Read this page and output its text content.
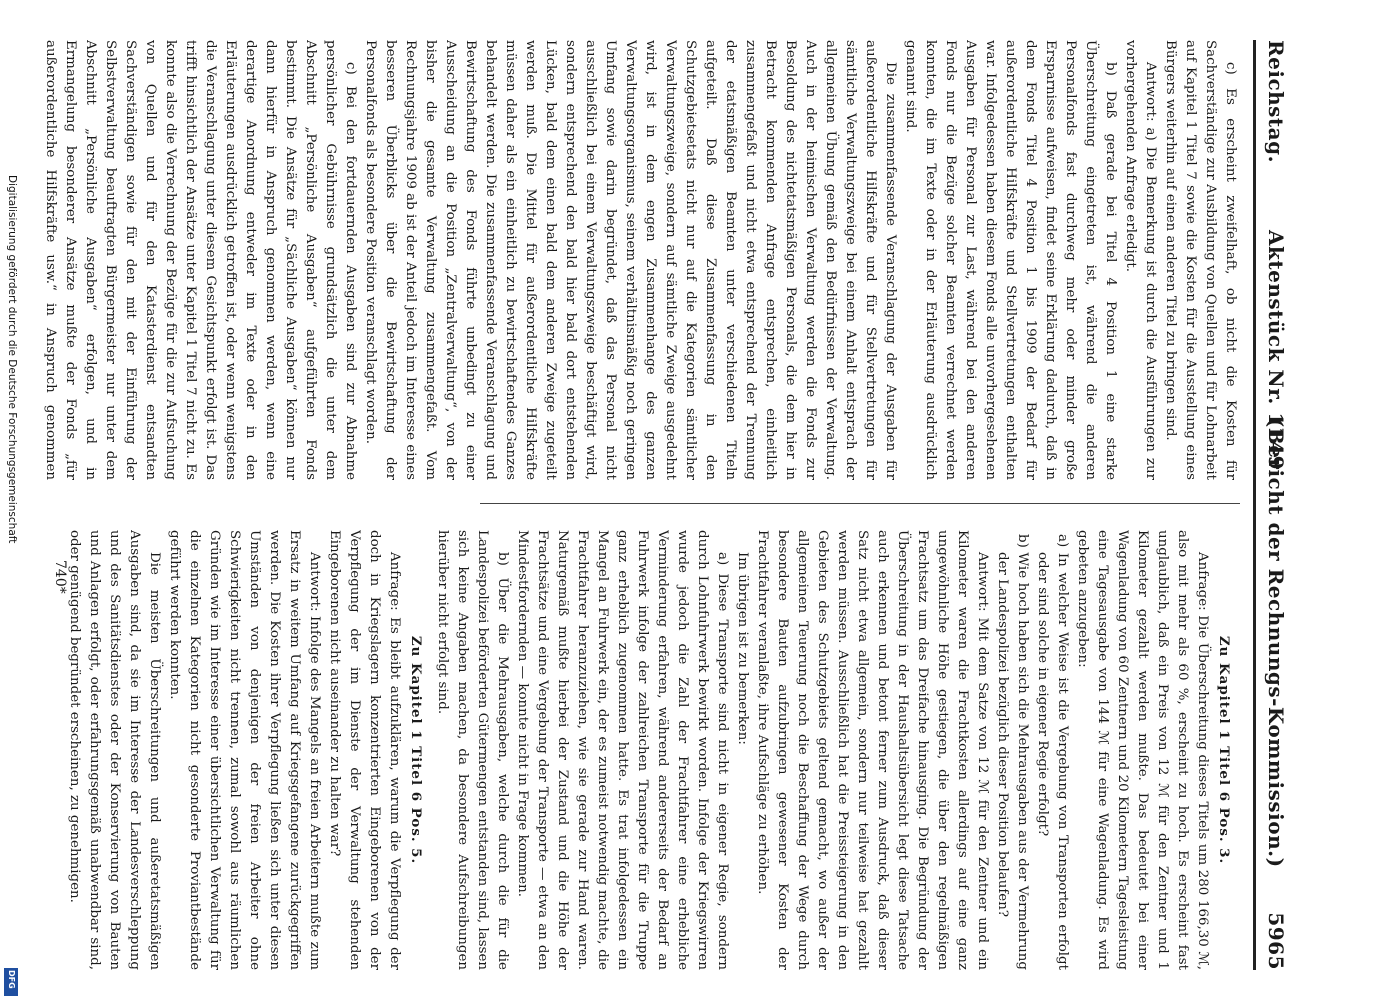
Reichstag.
Aktenstück Nr. 1149.
(Bericht der Rechnungs-Kommission.)      5965

c) Es erscheint zweifelhaft, ob nicht die Kosten für Sachverständige zur Ausbildung von Quellen und für Lohnarbeit auf Kapitel 1 Titel 7 sowie die Kosten für die Ausstellung eines Bürgers weiterhin auf einen anderen Titel zu bringen sind.

Antwort: a) Die Bemerkung ist durch die Ausführungen zur vorhergehenden Anfrage erledigt.

b) Daß gerade bei Titel 4 Position 1 eine starke Überschreitung eingetreten ist, während die anderen Personalfonds fast durchweg mehr oder minder große Ersparnisse aufweisen, findet seine Erklärung dadurch, daß in dem Fonds Titel 4 Position 1 bis 1909 der Bedarf für außerordentliche Hilfskräfte und Stellvertretungen enthalten war. Infolgedessen haben diesem Fonds alle unvorhergesehenen Ausgaben für Personal zur Last, während bei den anderen Fonds nur die Bezüge solcher Beamten verrechnet werden konnten, die im Texte oder in der Erläuterung ausdrücklich genannt sind.

Die zusammenfassende Veranschlagung der Ausgaben für außerordentliche Hilfskräfte und für Stellvertretungen für sämtliche Verwaltungszweige bei einem Anhalt entsprach der allgemeinen Übung gemäß den Bedürfnissen der Verwaltung. Auch in der heimischen Verwaltung werden die Fonds zur Besoldung des nichtetatsmäßigen Personals, die dem hier in Betracht kommenden Anfrage entsprechen, einheitlich zusammengefaßt und nicht etwa entsprechend der Trennung der etatsmäßigen Beamten unter verschiedenen Titeln aufgeteilt. Daß diese Zusammenfassung in den Schutzgebietsetats nicht nur auf die Kategorien sämtlicher Verwaltungszweige, sondern auf sämtliche Zweige ausgedehnt wird, ist in dem engen Zusammenhange des ganzen Verwaltungsorganismus, seinem verhältnismäßig noch geringen Umfang sowie darin begründet, daß das Personal nicht ausschließlich bei einem Verwaltungszweige beschäftigt wird, sondern entsprechend den bald hier bald dort entstehenden Lücken, bald dem einen bald dem anderen Zweige zugeteilt werden muß. Die Mittel für außerordentliche Hilfskräfte müssen daher als ein einheitlich zu bewirtschaftendes Ganzes behandelt werden. Die zusammenfassende Veranschlagung und Bewirtschaftung des Fonds führte unbedingt zu einer Ausscheidung an die Position „Zentralverwaltung“, von der bisher die gesamte Verwaltung zusammengefaßt. Vom Rechnungsjahre 1909 ab ist der Anteil jedoch im Interesse eines besseren Überblicks über die Bewirtschaftung der Personalfonds als besondere Position veranschlagt worden.

c) Bei den fortdauernden Ausgaben sind zur Abnahme persönlicher Gebührnisse grundsätzlich die unter dem Abschnitt „Persönliche Ausgaben“ aufgeführten Fonds bestimmt. Die Ansätze für „Sächliche Ausgaben“ können nur dann hierfür in Anspruch genommen werden, wenn eine derartige Anordnung entweder im Texte oder in den Erläuterungen ausdrücklich getroffen ist, oder wenn wenigstens die Veranschlagung unter diesem Gesichtspunkt erfolgt ist. Das trifft hinsichtlich der Ansätze unter Kapitel 1 Titel 7 nicht zu. Es konnte also die Verrechnung der Bezüge für die zur Aufsuchung von Quellen und für den Katasterdienst entsandten Sachverständigen sowie für den mit der Einführung der Selbstverwaltung beauftragten Bürgermeister nur unter dem Abschnitt „Persönliche Ausgaben“ erfolgen, und in Ermangelung besonderer Ansätze mußte der Fonds „für außerordentliche Hilfskräfte usw.“ in Anspruch genommen

Zu Kapitel 1 Titel 6 Pos. 3.

Anfrage: Die Überschreitung dieses Titels um 280 166,30 ℳ, also mit mehr als 60 %, erscheint zu hoch. Es erscheint fast unglaublich, daß ein Preis von 12 ℳ für den Zentner und 1 Kilometer gezahlt werden mußte. Das bedeutet bei einer Wagenladung von 60 Zentnern und 20 Kilometern Tagesleistung eine Tagesausgabe von 144 ℳ für eine Wagenladung. Es wird gebeten anzugeben:

a) In welcher Weise ist die Vergebung von Transporten erfolgt oder sind solche in eigener Regie erfolgt?

b) Wie hoch haben sich die Mehrausgaben aus der Vermehrung der Landespolizei bezüglich dieser Position belaufen?

Antwort: Mit dem Satze von 12 ℳ für den Zentner und ein Kilometer waren die Frachtkosten allerdings auf eine ganz ungewöhnliche Höhe gestiegen, die über den regelmäßigen Frachtsatz um das Dreifache hinausging. Die Begründung der Überschreitung in der Haushaltsübersicht legt diese Tatsache auch erkennen und betont ferner zum Ausdruck, daß dieser Satz nicht etwa allgemein, sondern nur teilweise hat gezahlt werden müssen. Ausschließlich hat die Preissteigerung in den Gebieten des Schutzgebiets geltend gemacht, wo außer der allgemeinen Teuerung noch die Beschaffung der Wege durch besondere Bauten aufzubringen gewesener Kosten der Frachtfahrer veranlaßte, ihre Aufschläge zu erhöhen.

Im übrigen ist zu bemerken:

a) Diese Transporte sind nicht in eigener Regie, sondern durch Lohnfuhrwerk bewirkt worden. Infolge der Kriegswirren wurde jedoch die Zahl der Frachtfahrer eine erhebliche Verminderung erfahren, während andererseits der Bedarf an Fuhrwerk infolge der zahlreichen Transporte für die Truppe ganz erheblich zugenommen hatte. Es trat infolgedessen ein Mangel an Fuhrwerk ein, der es zumeist notwendig machte, die Frachtfahrer heranzuziehen, wie sie gerade zur Hand waren. Naturgemäß mußte hierbei der Zustand und die Höhe der Frachtsätze und eine Vergebung der Transporte — etwa an den Mindestfordernden — konnte nicht in Frage kommen.

b) Über die Mehrausgaben, welche durch die für die Landespolizei beförderten Gütermengen entstanden sind, lassen sich keine Angaben machen, da besondere Aufschreibungen hierüber nicht erfolgt sind.

Zu Kapitel 1 Titel 6 Pos. 5.

Anfrage: Es bleibt aufzuklären, warum die Verpflegung der doch in Kriegslagern konzentrierten Eingeborenen von der Verpflegung der im Dienste der Verwaltung stehenden Eingeborenen nicht auseinander zu halten war?

Antwort: Infolge des Mangels an freien Arbeitern mußte zum Ersatz in weitem Umfang auf Kriegsgefangene zurückgegriffen werden. Die Kosten ihrer Verpflegung ließen sich unter diesen Umständen von denjenigen der freien Arbeiter ohne Schwierigkeiten nicht trennen, zumal sowohl aus räumlichen Gründen wie im Interesse einer übersichtlichen Verwaltung für die einzelnen Kategorien nicht gesonderte Proviantbestände geführt werden konnten.

Die meisten Überschreitungen und außeretatsmäßigen Ausgaben sind, da sie im Interesse der Landesverschleppung und des Sanitätsdienstes oder der Konservierung von Bauten und Anlagen erfolgt, oder erfahrungsgemäß unabwendbar sind, oder genügend begründet erscheinen, zu genehmigen.

740*
Digitalisierung gefördert durch die Deutsche Forschungsgemeinschaft
DFG
